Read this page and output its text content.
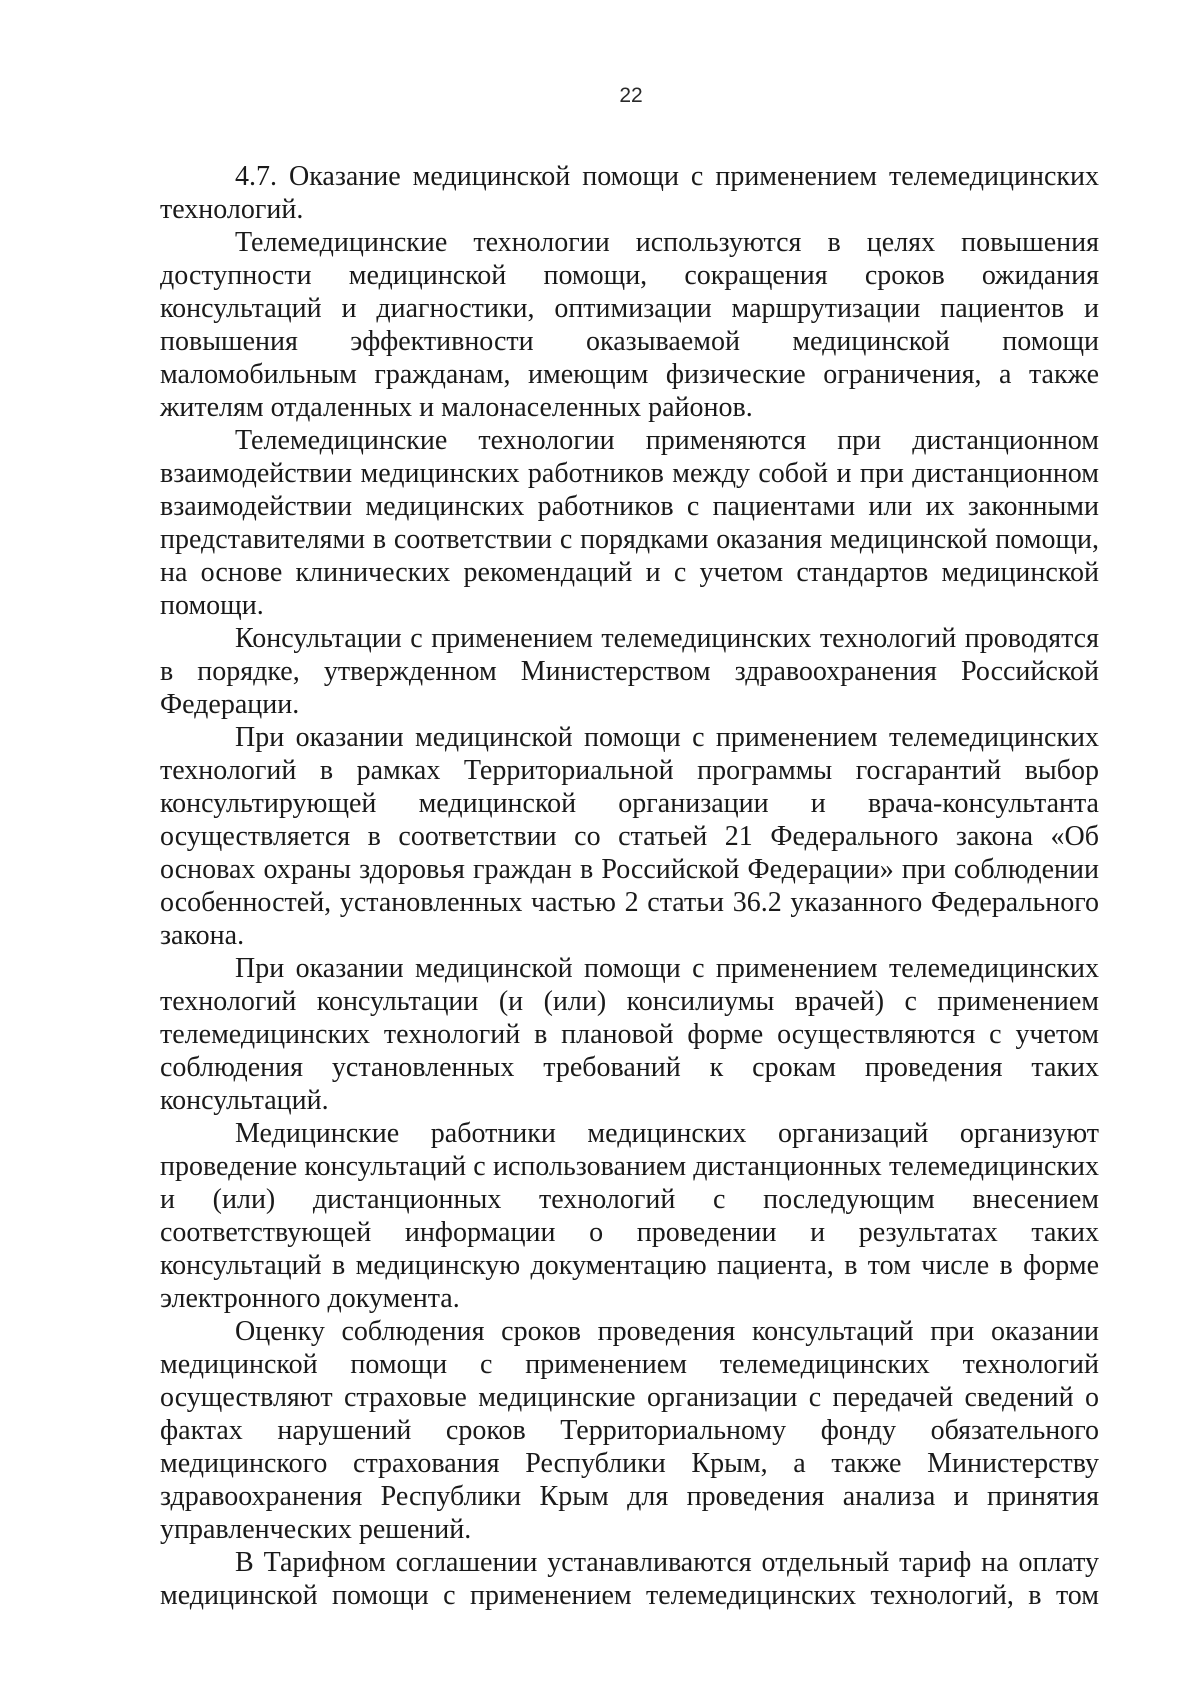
22

4.7. Оказание медицинской помощи с применением телемедицинских технологий.

Телемедицинские технологии используются в целях повышения доступности медицинской помощи, сокращения сроков ожидания консультаций и диагностики, оптимизации маршрутизации пациентов и повышения эффективности оказываемой медицинской помощи маломобильным гражданам, имеющим физические ограничения, а также жителям отдаленных и малонаселенных районов.

Телемедицинские технологии применяются при дистанционном взаимодействии медицинских работников между собой и при дистанционном взаимодействии медицинских работников с пациентами или их законными представителями в соответствии с порядками оказания медицинской помощи, на основе клинических рекомендаций и с учетом стандартов медицинской помощи.

Консультации с применением телемедицинских технологий проводятся в порядке, утвержденном Министерством здравоохранения Российской Федерации.

При оказании медицинской помощи с применением телемедицинских технологий в рамках Территориальной программы госгарантий выбор консультирующей медицинской организации и врача-консультанта осуществляется в соответствии со статьей 21 Федерального закона «Об основах охраны здоровья граждан в Российской Федерации» при соблюдении особенностей, установленных частью 2 статьи 36.2 указанного Федерального закона.

При оказании медицинской помощи с применением телемедицинских технологий консультации (и (или) консилиумы врачей) с применением телемедицинских технологий в плановой форме осуществляются с учетом соблюдения установленных требований к срокам проведения таких консультаций.

Медицинские работники медицинских организаций организуют проведение консультаций с использованием дистанционных телемедицинских и (или) дистанционных технологий с последующим внесением соответствующей информации о проведении и результатах таких консультаций в медицинскую документацию пациента, в том числе в форме электронного документа.

Оценку соблюдения сроков проведения консультаций при оказании медицинской помощи с применением телемедицинских технологий осуществляют страховые медицинские организации с передачей сведений о фактах нарушений сроков Территориальному фонду обязательного медицинского страхования Республики Крым, а также Министерству здравоохранения Республики Крым для проведения анализа и принятия управленческих решений.

В Тарифном соглашении устанавливаются отдельный тариф на оплату медицинской помощи с применением телемедицинских технологий, в том
